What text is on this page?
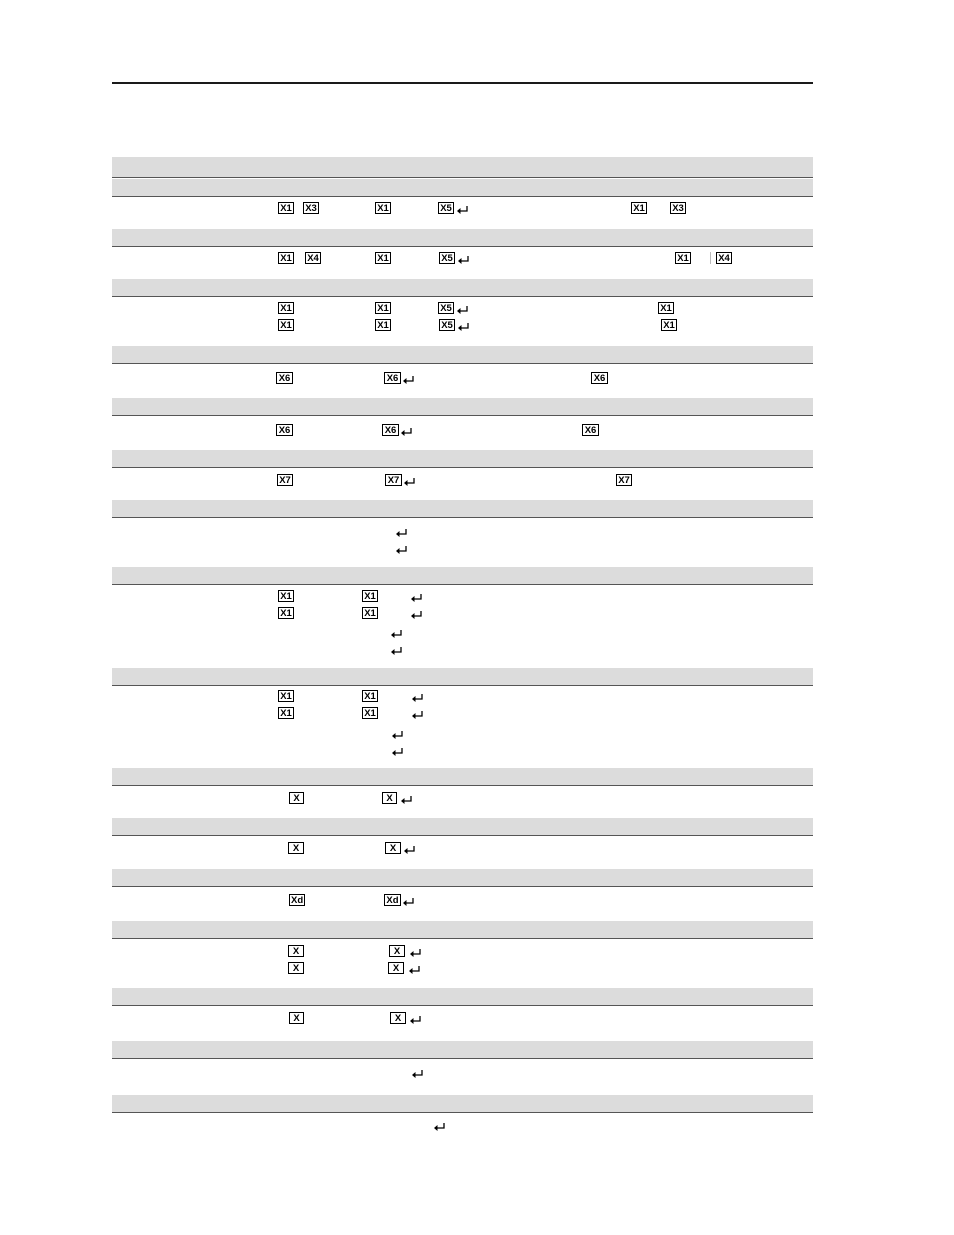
X1 X3	X1	X5	X1	X3
X1 X4	X1	X5	X1	X4
X1	X1	X5	X1
X1	X1	X5	X1
X6	X6	X6
X6	X6	X6
X7	X7	X7
X1	X1
X1	X1
X1	X1
X1	X1
X	X
X	X
Xd	Xd
X	X
X	X
X	X
